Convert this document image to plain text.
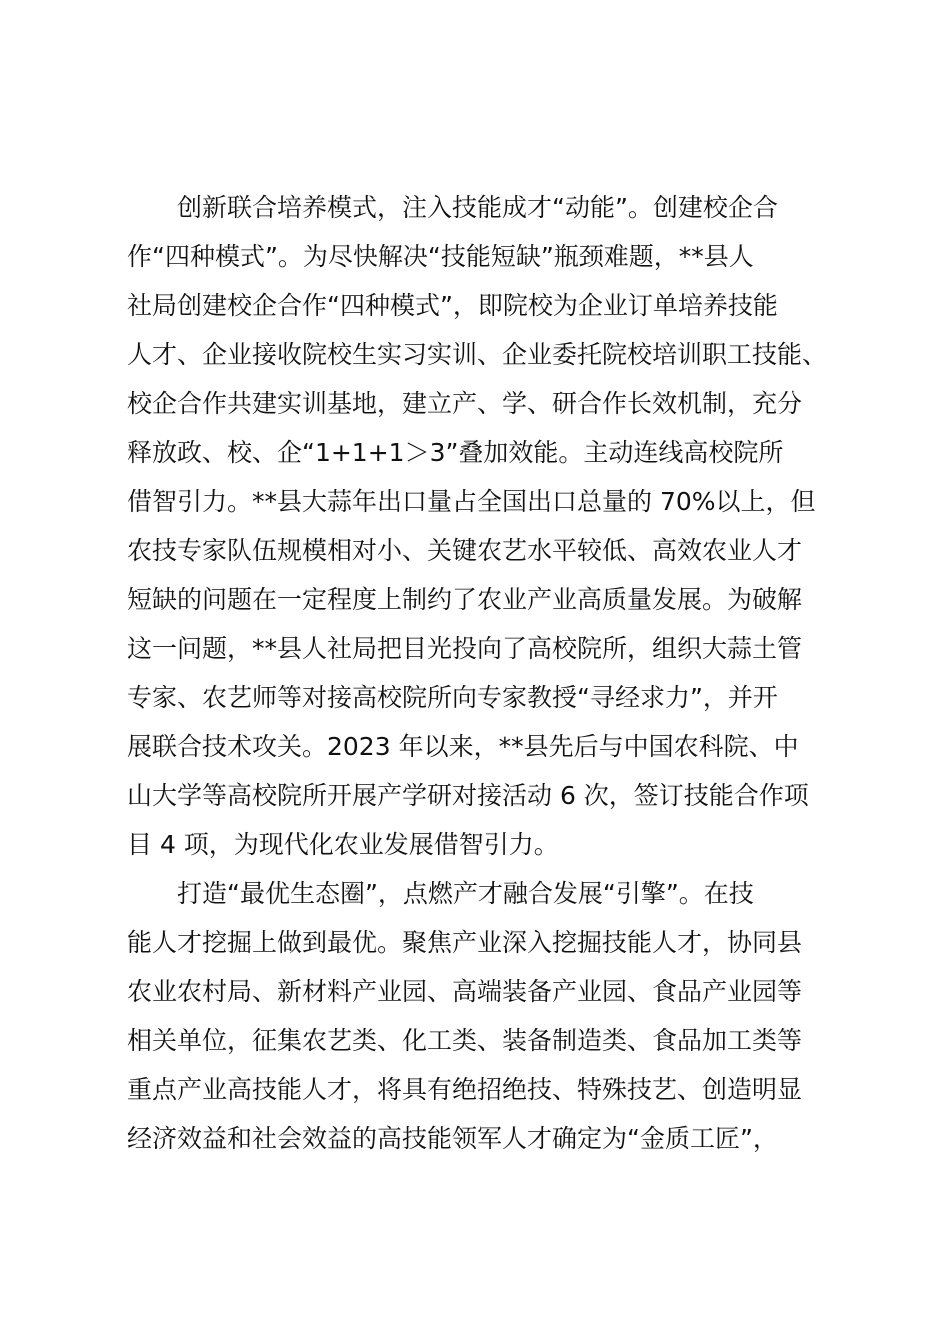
　　创新联合培养模式，注入技能成才“动能”。创建校企合
作“四种模式”。为尽快解决“技能短缺”瓶颈难题，**县人
社局创建校企合作“四种模式”，即院校为企业订单培养技能
人才、企业接收院校生实习实训、企业委托院校培训职工技能、
校企合作共建实训基地，建立产、学、研合作长效机制，充分
释放政、校、企“1+1+1＞3”叠加效能。主动连线高校院所
借智引力。**县大蒜年出口量占全国出口总量的 70%以上，但
农技专家队伍规模相对小、关键农艺水平较低、高效农业人才
短缺的问题在一定程度上制约了农业产业高质量发展。为破解
这一问题，**县人社局把目光投向了高校院所，组织大蒜土管
专家、农艺师等对接高校院所向专家教授“寻经求力”，并开
展联合技术攻关。2023 年以来，**县先后与中国农科院、中
山大学等高校院所开展产学研对接活动 6 次，签订技能合作项
目 4 项，为现代化农业发展借智引力。
　　打造“最优生态圈”，点燃产才融合发展“引擎”。在技
能人才挖掘上做到最优。聚焦产业深入挖掘技能人才，协同县
农业农村局、新材料产业园、高端装备产业园、食品产业园等
相关单位，征集农艺类、化工类、装备制造类、食品加工类等
重点产业高技能人才，将具有绝招绝技、特殊技艺、创造明显
经济效益和社会效益的高技能领军人才确定为“金质工匠”，
